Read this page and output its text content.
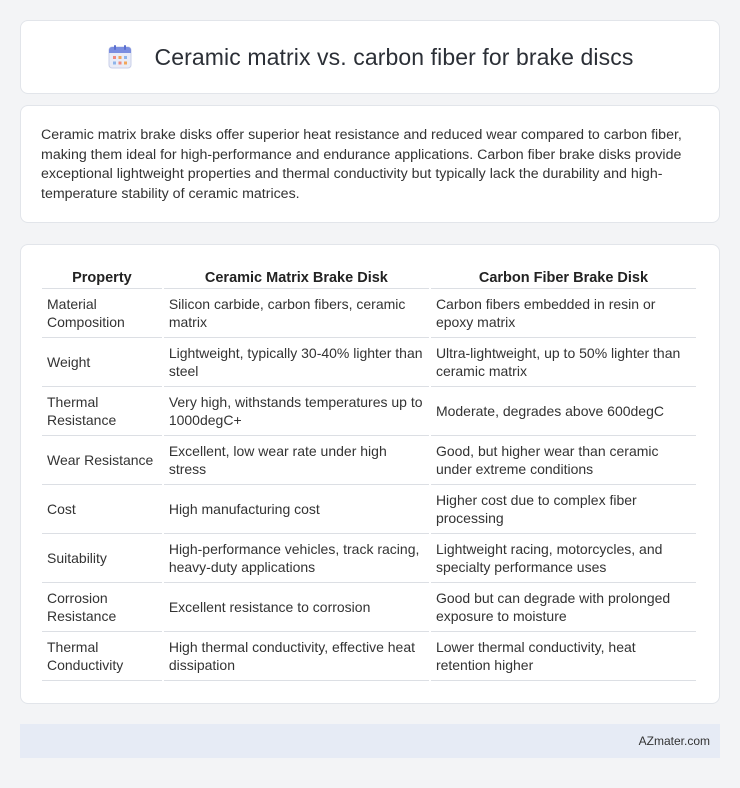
Ceramic matrix vs. carbon fiber for brake discs

Ceramic matrix brake disks offer superior heat resistance and reduced wear compared to carbon fiber, making them ideal for high-performance and endurance applications. Carbon fiber brake disks provide exceptional lightweight properties and thermal conductivity but typically lack the durability and high-temperature stability of ceramic matrices.

Property	Ceramic Matrix Brake Disk	Carbon Fiber Brake Disk
Material Composition	Silicon carbide, carbon fibers, ceramic matrix	Carbon fibers embedded in resin or epoxy matrix
Weight	Lightweight, typically 30-40% lighter than steel	Ultra-lightweight, up to 50% lighter than ceramic matrix
Thermal Resistance	Very high, withstands temperatures up to 1000degC+	Moderate, degrades above 600degC
Wear Resistance	Excellent, low wear rate under high stress	Good, but higher wear than ceramic under extreme conditions
Cost	High manufacturing cost	Higher cost due to complex fiber processing
Suitability	High-performance vehicles, track racing, heavy-duty applications	Lightweight racing, motorcycles, and specialty performance uses
Corrosion Resistance	Excellent resistance to corrosion	Good but can degrade with prolonged exposure to moisture
Thermal Conductivity	High thermal conductivity, effective heat dissipation	Lower thermal conductivity, heat retention higher
AZmater.com
